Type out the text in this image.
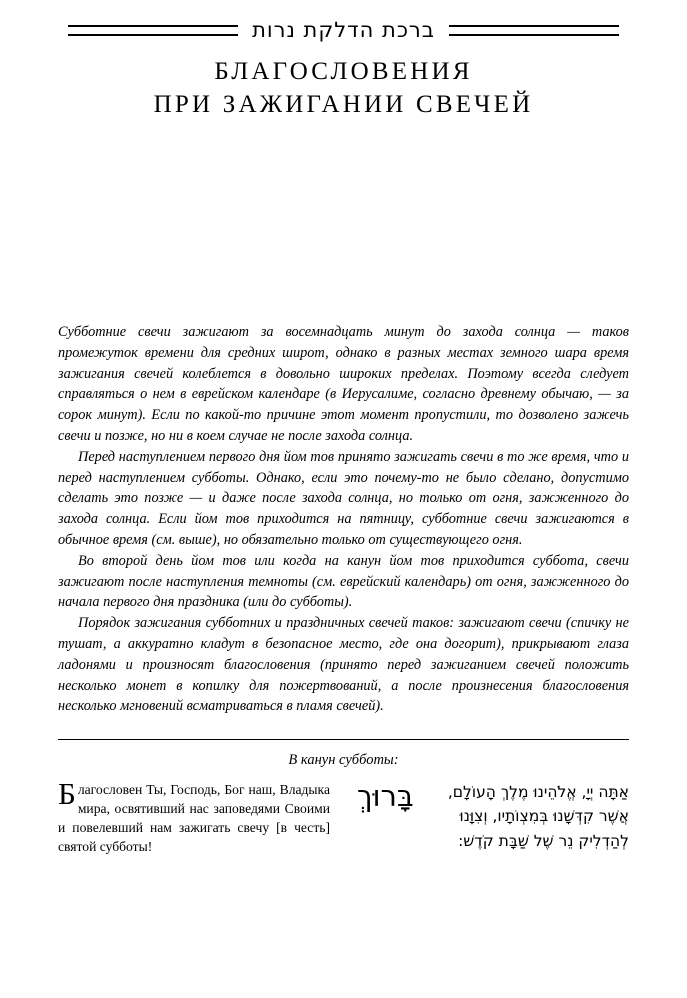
ברכת הדלקת נרות
БЛАГОСЛОВЕНИЯ
ПРИ ЗАЖИГАНИИ СВЕЧЕЙ

Субботние свечи зажигают за восемнадцать минут до захода солнца — таков промежуток времени для средних широт, однако в разных местах земного шара время зажигания свечей колеблется в довольно широких пределах. Поэтому всегда следует справляться о нем в еврейском календаре (в Иерусалиме, согласно древнему обычаю, — за сорок минут). Если по какой-то причине этот момент пропустили, то дозволено зажечь свечи и позже, но ни в коем случае не после захода солнца.

Перед наступлением первого дня йом тов принято зажигать свечи в то же время, что и перед наступлением субботы. Однако, если это почему-то не было сделано, допустимо сделать это позже — и даже после захода солнца, но только от огня, зажженного до захода солнца. Если йом тов приходится на пятницу, субботние свечи зажигаются в обычное время (см. выше), но обязательно только от существующего огня.

Во второй день йом тов или когда на канун йом тов приходится суббота, свечи зажигают после наступления темноты (см. еврейский календарь) от огня, зажженного до начала первого дня праздника (или до субботы).

Порядок зажигания субботних и праздничных свечей таков: зажигают свечи (спичку не тушат, а аккуратно кладут в безопасное место, где она догорит), прикрывают глаза ладонями и произносят благословения (принято перед зажиганием свечей положить несколько монет в копилку для пожертвований, а после произнесения благословения несколько мгновений всматриваться в пламя свечей).

В канун субботы:
Благословен Ты, Господь, Бог наш, Владыка мира, освятивший нас заповедями Своими и повелевший нам зажигать свечу [в честь] святой субботы!
אַתָּה יְיָ, אֱלֹהֵינוּ מֶלֶךְ הָעוֹלָם,
אֲשֶׁר קִדְּשָׁנוּ בְּמִצְוֹתָיו, וְצִוָּנוּ
לְהַדְלִיק נֵר שֶׁל שַׁבָּת קֹדֶשׁ:
בָּרוּךְ
